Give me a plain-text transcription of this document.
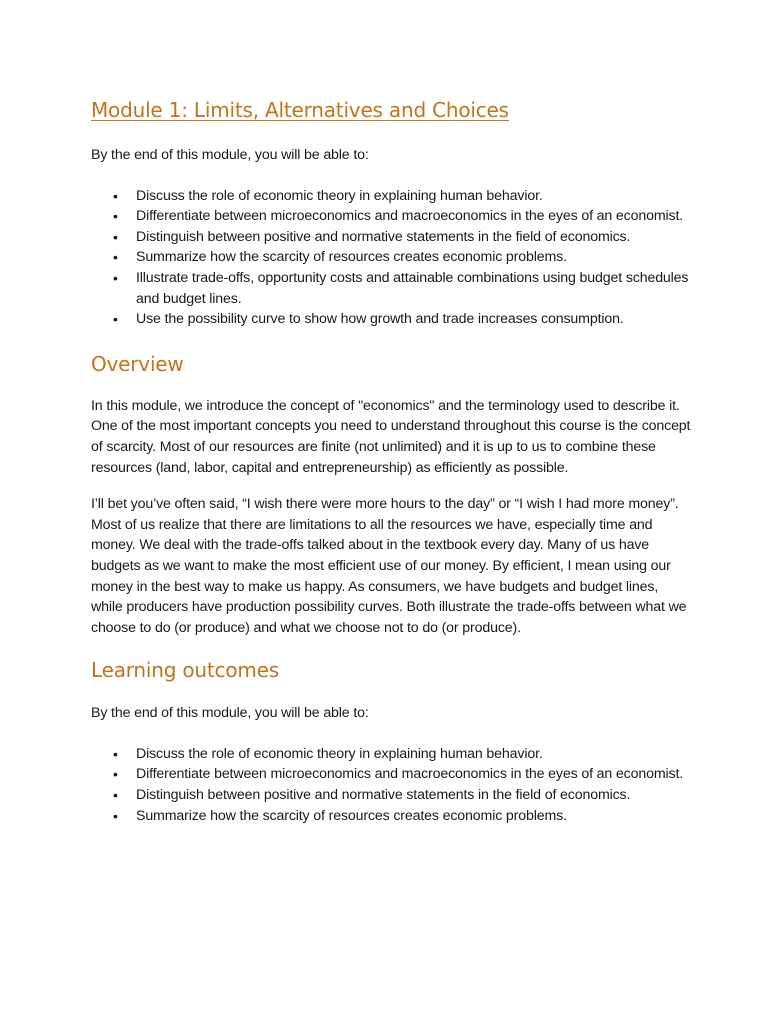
Module 1: Limits, Alternatives and Choices

By the end of this module, you will be able to:

• Discuss the role of economic theory in explaining human behavior.
• Differentiate between microeconomics and macroeconomics in the eyes of an economist.
• Distinguish between positive and normative statements in the field of economics.
• Summarize how the scarcity of resources creates economic problems.
• Illustrate trade-offs, opportunity costs and attainable combinations using budget schedules and budget lines.
• Use the possibility curve to show how growth and trade increases consumption.
Overview

In this module, we introduce the concept of "economics" and the terminology used to describe it. One of the most important concepts you need to understand throughout this course is the concept of scarcity. Most of our resources are finite (not unlimited) and it is up to us to combine these resources (land, labor, capital and entrepreneurship) as efficiently as possible.

I’ll bet you’ve often said, “I wish there were more hours to the day” or “I wish I had more money”. Most of us realize that there are limitations to all the resources we have, especially time and money. We deal with the trade-offs talked about in the textbook every day. Many of us have budgets as we want to make the most efficient use of our money. By efficient, I mean using our money in the best way to make us happy. As consumers, we have budgets and budget lines, while producers have production possibility curves. Both illustrate the trade-offs between what we choose to do (or produce) and what we choose not to do (or produce).

Learning outcomes

By the end of this module, you will be able to:

• Discuss the role of economic theory in explaining human behavior.
• Differentiate between microeconomics and macroeconomics in the eyes of an economist.
• Distinguish between positive and normative statements in the field of economics.
• Summarize how the scarcity of resources creates economic problems.
